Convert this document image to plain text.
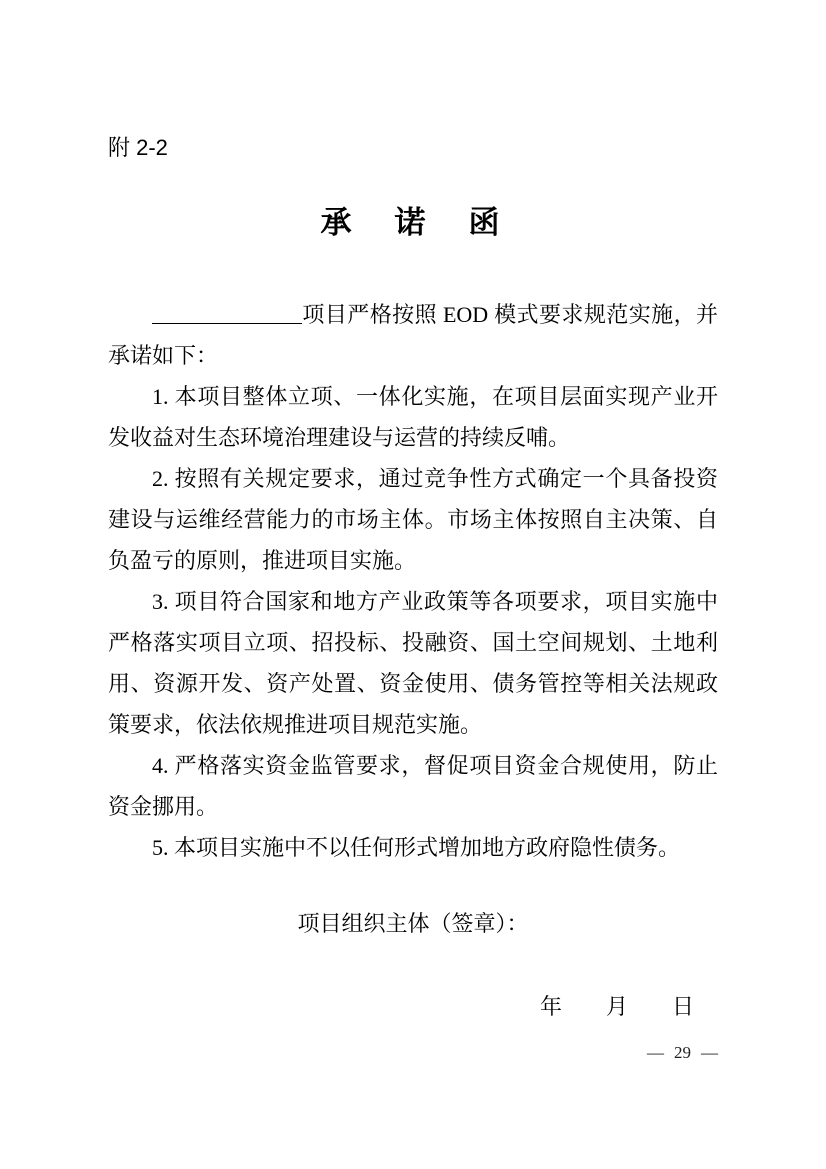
附 2-2
承　诺　函

项目严格按照 EOD 模式要求规范实施，并承诺如下：

1. 本项目整体立项、一体化实施，在项目层面实现产业开发收益对生态环境治理建设与运营的持续反哺。

2. 按照有关规定要求，通过竞争性方式确定一个具备投资建设与运维经营能力的市场主体。市场主体按照自主决策、自负盈亏的原则，推进项目实施。

3. 项目符合国家和地方产业政策等各项要求，项目实施中严格落实项目立项、招投标、投融资、国土空间规划、土地利用、资源开发、资产处置、资金使用、债务管控等相关法规政策要求，依法依规推进项目规范实施。

4. 严格落实资金监管要求，督促项目资金合规使用，防止资金挪用。

5. 本项目实施中不以任何形式增加地方政府隐性债务。

项目组织主体（签章）：
年　　月　　日
— 29 —
